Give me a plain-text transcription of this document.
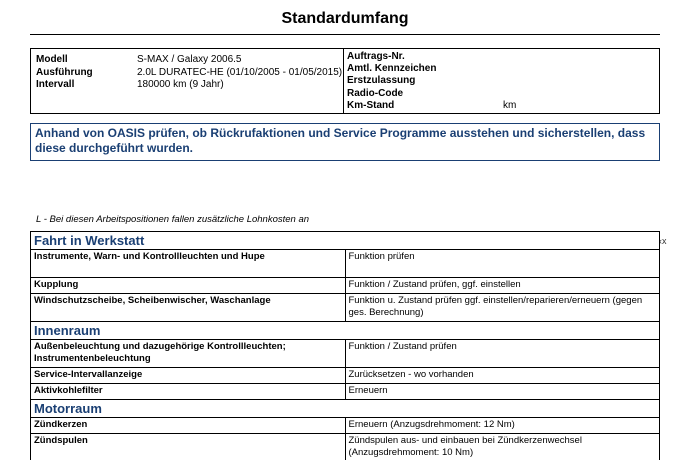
Standardumfang
Modell	S-MAX / Galaxy 2006.5
Ausführung	2.0L DURATEC-HE (01/10/2005 - 01/05/2015)
Intervall	180000 km (9 Jahr)
Auftrags-Nr.
Amtl. Kennzeichen
Erstzulassung
Radio-Code
Km-Stand	km
Anhand von OASIS prüfen, ob Rückrufaktionen und Service Programme ausstehen und sicherstellen, dass diese durchgeführt wurden.
L - Bei diesen Arbeitspositionen fallen zusätzliche Lohnkosten an
‹x
Fahrt in Werkstatt	
Instrumente, Warn- und Kontrollleuchten und Hupe	Funktion prüfen
Kupplung	Funktion / Zustand prüfen, ggf. einstellen
Windschutzscheibe, Scheibenwischer, Waschanlage	Funktion u. Zustand prüfen ggf. einstellen/reparieren/erneuern (gegen ges. Berechnung)
Innenraum	
Außenbeleuchtung und dazugehörige Kontrollleuchten; Instrumentenbeleuchtung	Funktion / Zustand prüfen
Service-Intervallanzeige	Zurücksetzen - wo vorhanden
Aktivkohlefilter	Erneuern
Motorraum	
Zündkerzen	Erneuern (Anzugsdrehmoment: 12 Nm)
Zündspulen	Zündspulen aus- und einbauen bei Zündkerzenwechsel (Anzugsdrehmoment: 10 Nm)
